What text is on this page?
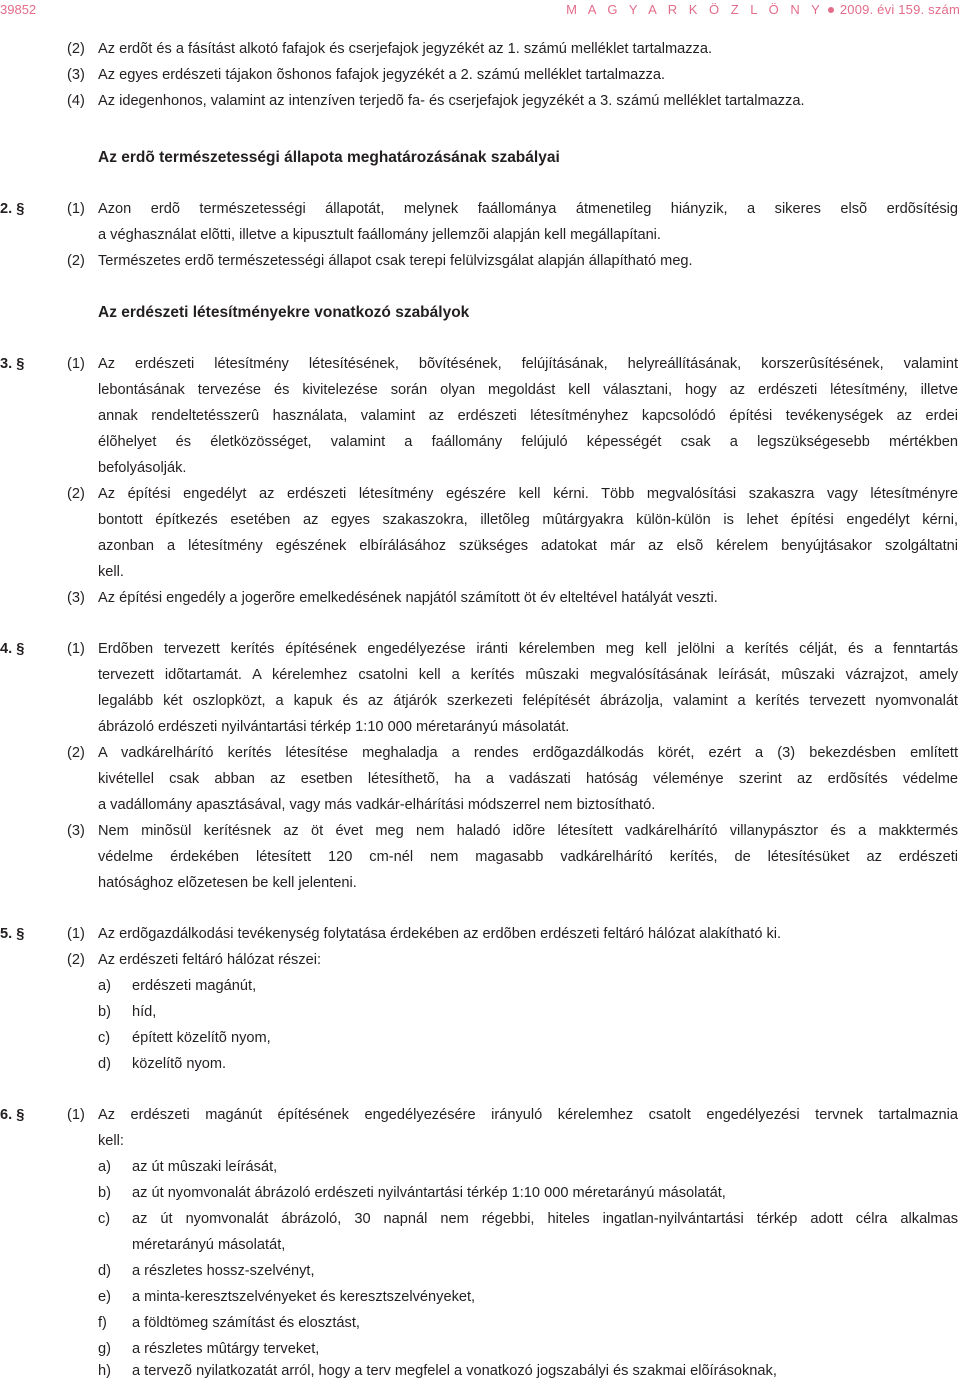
39852	M A G Y A R K Ö Z L Ö N Y 2009. évi 159. szám
(2) Az erdõt és a fásítást alkotó fafajok és cserjefajok jegyzékét az 1. számú melléklet tartalmazza.
(3) Az egyes erdészeti tájakon õshonos fafajok jegyzékét a 2. számú melléklet tartalmazza.
(4) Az idegenhonos, valamint az intenzíven terjedõ fa- és cserjefajok jegyzékét a 3. számú melléklet tartalmazza.
Az erdõ természetességi állapota meghatározásának szabályai
2. §	(1) Azon erdõ természetességi állapotát, melynek faállománya átmenetileg hiányzik, a sikeres elsõ erdõsítésig
a véghasználat elõtti, illetve a kipusztult faállomány jellemzõi alapján kell megállapítani.
(2) Természetes erdõ természetességi állapot csak terepi felülvizsgálat alapján állapítható meg.
Az erdészeti létesítményekre vonatkozó szabályok
3. §	(1) Az erdészeti létesítmény létesítésének, bõvítésének, felújításának, helyreállításának, korszerûsítésének, valamint
lebontásának tervezése és kivitelezése során olyan megoldást kell választani, hogy az erdészeti létesítmény, illetve
annak rendeltetésszerû használata, valamint az erdészeti létesítményhez kapcsolódó építési tevékenységek az erdei
élõhelyet és életközösséget, valamint a faállomány felújuló képességét csak a legszükségesebb mértékben
befolyásolják.
(2) Az építési engedélyt az erdészeti létesítmény egészére kell kérni. Több megvalósítási szakaszra vagy létesítményre
bontott építkezés esetében az egyes szakaszokra, illetõleg mûtárgyakra külön-külön is lehet építési engedélyt kérni,
azonban a létesítmény egészének elbírálásához szükséges adatokat már az elsõ kérelem benyújtásakor szolgáltatni
kell.
(3) Az építési engedély a jogerõre emelkedésének napjától számított öt év elteltével hatályát veszti.
4. §	(1) Erdõben tervezett kerítés építésének engedélyezése iránti kérelemben meg kell jelölni a kerítés célját, és a fenntartás
tervezett idõtartamát. A kérelemhez csatolni kell a kerítés mûszaki megvalósításának leírását, mûszaki vázrajzot, amely
legalább két oszlopközt, a kapuk és az átjárók szerkezeti felépítését ábrázolja, valamint a kerítés tervezett nyomvonalát
ábrázoló erdészeti nyilvántartási térkép 1:10 000 méretarányú másolatát.
(2) A vadkárelhárító kerítés létesítése meghaladja a rendes erdõgazdálkodás körét, ezért a (3) bekezdésben említett
kivétellel csak abban az esetben létesíthetõ, ha a vadászati hatóság véleménye szerint az erdõsítés védelme
a vadállomány apasztásával, vagy más vadkár-elhárítási módszerrel nem biztosítható.
(3) Nem minõsül kerítésnek az öt évet meg nem haladó idõre létesített vadkárelhárító villanypásztor és a makktermés
védelme érdekében létesített 120 cm-nél nem magasabb vadkárelhárító kerítés, de létesítésüket az erdészeti
hatósághoz elõzetesen be kell jelenteni.
5. §	(1) Az erdõgazdálkodási tevékenység folytatása érdekében az erdõben erdészeti feltáró hálózat alakítható ki.
(2) Az erdészeti feltáró hálózat részei:
a) erdészeti magánút,
b) híd,
c) épített közelítõ nyom,
d) közelítõ nyom.
6. §	(1) Az erdészeti magánút építésének engedélyezésére irányuló kérelemhez csatolt engedélyezési tervnek tartalmaznia
kell:
a) az út mûszaki leírását,
b) az út nyomvonalát ábrázoló erdészeti nyilvántartási térkép 1:10 000 méretarányú másolatát,
c) az út nyomvonalát ábrázoló, 30 napnál nem régebbi, hiteles ingatlan-nyilvántartási térkép adott célra alkalmas
méretarányú másolatát,
d) a részletes hossz-szelvényt,
e) a minta-keresztszelvényeket és keresztszelvényeket,
f) a földtömeg számítást és elosztást,
g) a részletes mûtárgy terveket,
h) a tervezõ nyilatkozatát arról, hogy a terv megfelel a vonatkozó jogszabályi és szakmai elõírásoknak,
